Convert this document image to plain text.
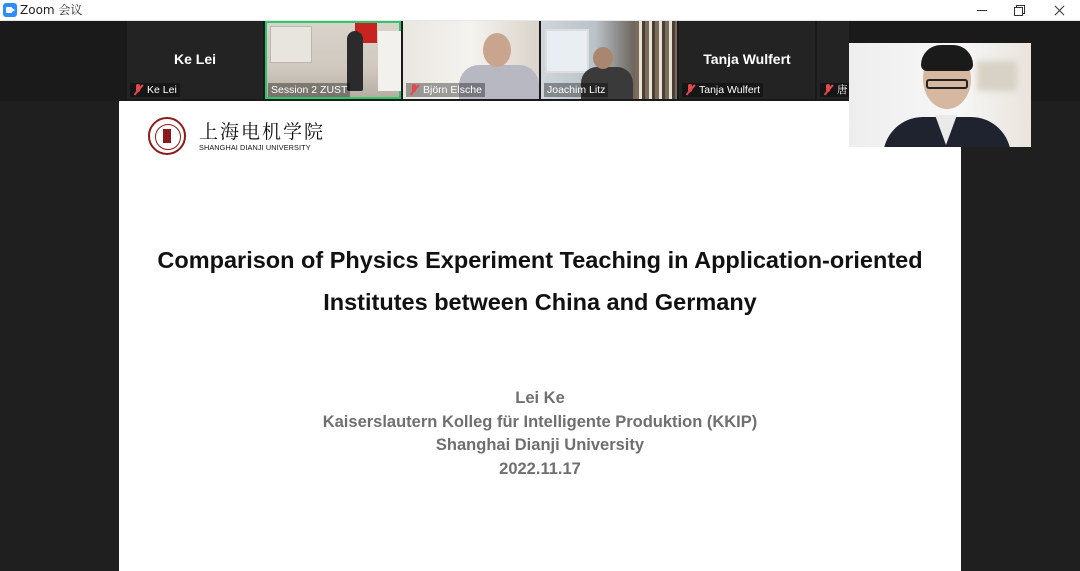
Zoom 会议
Ke Lei
Ke Lei	Session 2 ZUST	Björn Elsche	Joachim Litz
Tanja Wulfert
Tanja Wulfert	唐
上海电机学院
SHANGHAI DIANJI UNIVERSITY
Comparison of Physics Experiment Teaching in Application-oriented
Institutes between China and Germany
Lei Ke
Kaiserslautern Kolleg für Intelligente Produktion (KKIP)
Shanghai Dianji University
2022.11.17
